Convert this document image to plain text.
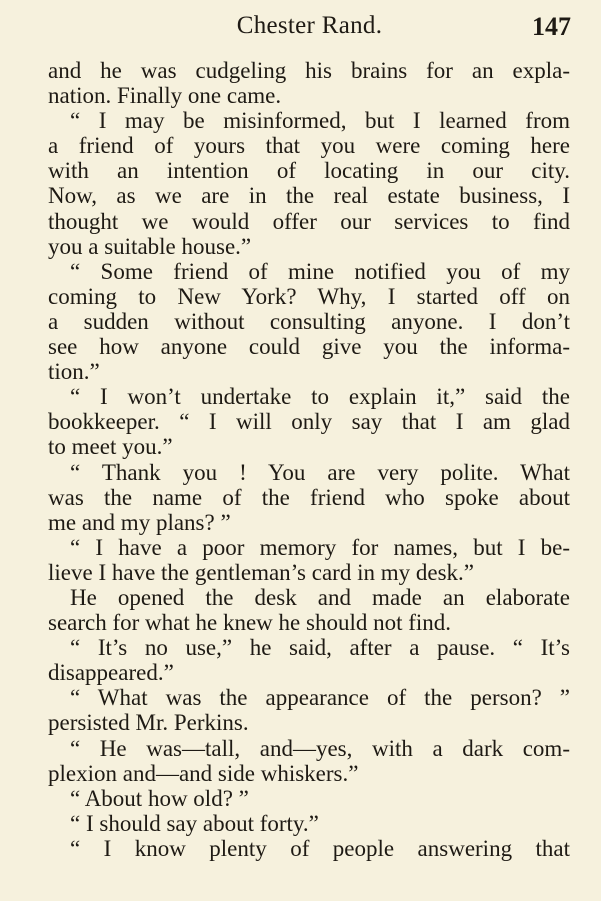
Chester Rand.	147
and he was cudgeling his brains for an expla-
nation. Finally one came.
“ I may be misinformed, but I learned from
a friend of yours that you were coming here
with an intention of locating in our city.
Now, as we are in the real estate business, I
thought we would offer our services to find
you a suitable house.”
“ Some friend of mine notified you of my
coming to New York? Why, I started off on
a sudden without consulting anyone. I don’t
see how anyone could give you the informa-
tion.”
“ I won’t undertake to explain it,” said the
bookkeeper. “ I will only say that I am glad
to meet you.”
“ Thank you ! You are very polite. What
was the name of the friend who spoke about
me and my plans? ”
“ I have a poor memory for names, but I be-
lieve I have the gentleman’s card in my desk.”
He opened the desk and made an elaborate
search for what he knew he should not find.
“ It’s no use,” he said, after a pause. “ It’s
disappeared.”
“ What was the appearance of the person? ”
persisted Mr. Perkins.
“ He was—tall, and—yes, with a dark com-
plexion and—and side whiskers.”
“ About how old? ”
“ I should say about forty.”
“ I know plenty of people answering that
